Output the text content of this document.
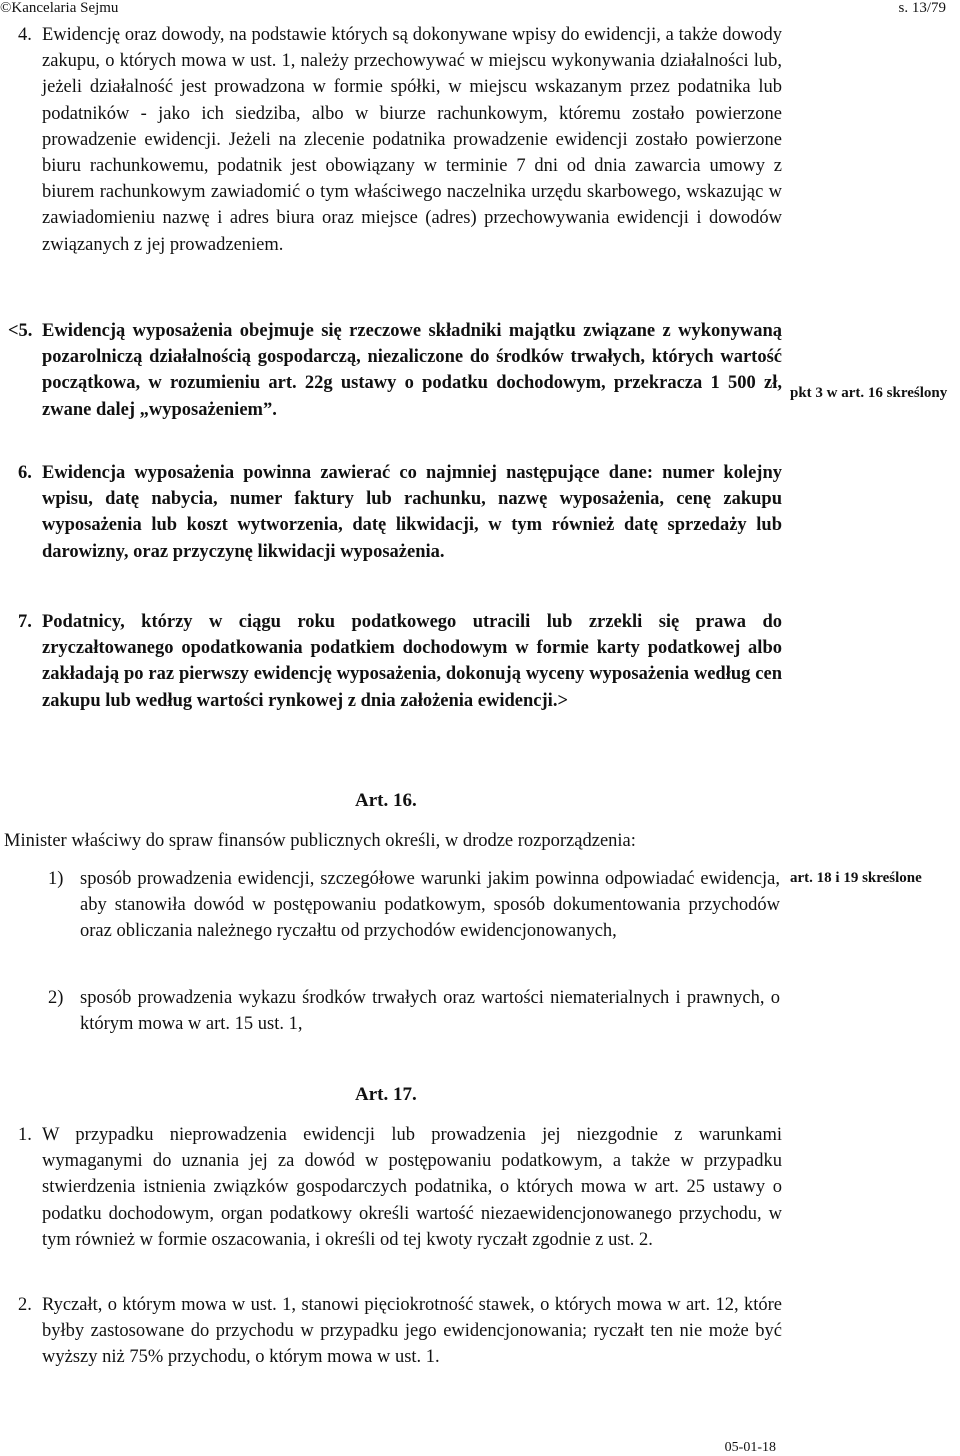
©Kancelaria Sejmu	s. 13/79
4. Ewidencję oraz dowody, na podstawie których są dokonywane wpisy do ewidencji, a także dowody zakupu, o których mowa w ust. 1, należy przechowywać w miejscu wykonywania działalności lub, jeżeli działalność jest prowadzona w formie spółki, w miejscu wskazanym przez podatnika lub podatników - jako ich siedziba, albo w biurze rachunkowym, któremu zostało powierzone prowadzenie ewidencji. Jeżeli na zlecenie podatnika prowadzenie ewidencji zostało powierzone biuru rachunkowemu, podatnik jest obowiązany w terminie 7 dni od dnia zawarcia umowy z biurem rachunkowym zawiadomić o tym właściwego naczelnika urzędu skarbowego, wskazując w zawiadomieniu nazwę i adres biura oraz miejsce (adres) przechowywania ewidencji i dowodów związanych z jej prowadzeniem.
<5. Ewidencją wyposażenia obejmuje się rzeczowe składniki majątku związane z wykonywaną pozarolniczą działalnością gospodarczą, niezaliczone do środków trwałych, których wartość początkowa, w rozumieniu art. 22g ustawy o podatku dochodowym, przekracza 1 500 zł, zwane dalej „wyposażeniem”.
pkt 3 w art. 16 skreślony
6. Ewidencja wyposażenia powinna zawierać co najmniej następujące dane: numer kolejny wpisu, datę nabycia, numer faktury lub rachunku, nazwę wyposażenia, cenę zakupu wyposażenia lub koszt wytworzenia, datę likwidacji, w tym również datę sprzedaży lub darowizny, oraz przyczynę likwidacji wyposażenia.
7. Podatnicy, którzy w ciągu roku podatkowego utracili lub zrzekli się prawa do zryczałtowanego opodatkowania podatkiem dochodowym w formie karty podatkowej albo zakładają po raz pierwszy ewidencję wyposażenia, dokonują wyceny wyposażenia według cen zakupu lub według wartości rynkowej z dnia założenia ewidencji.>
Art. 16.
Minister właściwy do spraw finansów publicznych określi, w drodze rozporządzenia:
1) sposób prowadzenia ewidencji, szczegółowe warunki jakim powinna odpowiadać ewidencja, aby stanowiła dowód w postępowaniu podatkowym, sposób dokumentowania przychodów oraz obliczania należnego ryczałtu od przychodów ewidencjonowanych,
art. 18 i 19 skreślone
2) sposób prowadzenia wykazu środków trwałych oraz wartości niematerialnych i prawnych, o którym mowa w art. 15 ust. 1,
Art. 17.
1. W przypadku nieprowadzenia ewidencji lub prowadzenia jej niezgodnie z warunkami wymaganymi do uznania jej za dowód w postępowaniu podatkowym, a także w przypadku stwierdzenia istnienia związków gospodarczych podatnika, o których mowa w art. 25 ustawy o podatku dochodowym, organ podatkowy określi wartość niezaewidencjonowanego przychodu, w tym również w formie oszacowania, i określi od tej kwoty ryczałt zgodnie z ust. 2.
2. Ryczałt, o którym mowa w ust. 1, stanowi pięciokrotność stawek, o których mowa w art. 12, które byłby zastosowane do przychodu w przypadku jego ewidencjonowania; ryczałt ten nie może być wyższy niż 75% przychodu, o którym mowa w ust. 1.
05-01-18
